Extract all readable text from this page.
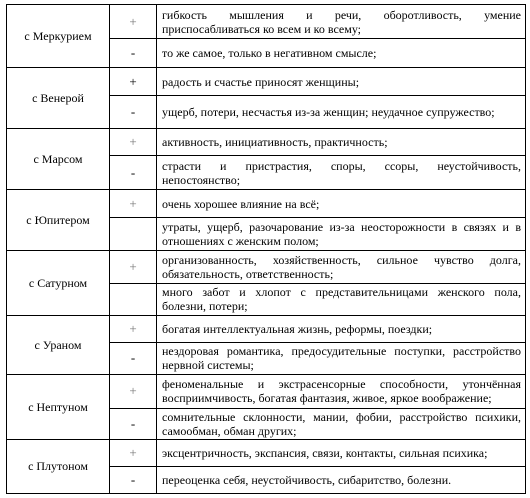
с Меркурием	+	гибкость мышления и речи, оборотливость, умение приспосабливаться ко всем и ко всему;
	-	то же самое, только в негативном смысле;
с Венерой	+	радость и счастье приносят женщины;
	-	ущерб, потери, несчастья из-за женщин; неудачное супружество;
с Марсом	+	активность, инициативность, практичность;
	-	страсти и пристрастия, споры, ссоры, неустойчивость, непостоянство;
с Юпитером	+	очень хорошее влияние на всё;
		утраты, ущерб, разочарование из-за неосторожности в связях и в отношениях с женским полом;
с Сатурном	+	организованность, хозяйственность, сильное чувство долга, обязательность, ответственность;
		много забот и хлопот с представительницами женского пола, болезни, потери;
с Ураном	+	богатая интеллектуальная жизнь, реформы, поездки;
	-	нездоровая романтика, предосудительные поступки, расстройство нервной системы;
с Нептуном	+	феноменальные и экстрасенсорные способности, утончённая восприимчивость, богатая фантазия, живое, яркое воображение;
	-	сомнительные склонности, мании, фобии, расстройство психики, самообман, обман других;
с Плутоном	+	эксцентричность, экспансия, связи, контакты, сильная психика;
	-	переоценка себя, неустойчивость, сибаритство, болезни.
